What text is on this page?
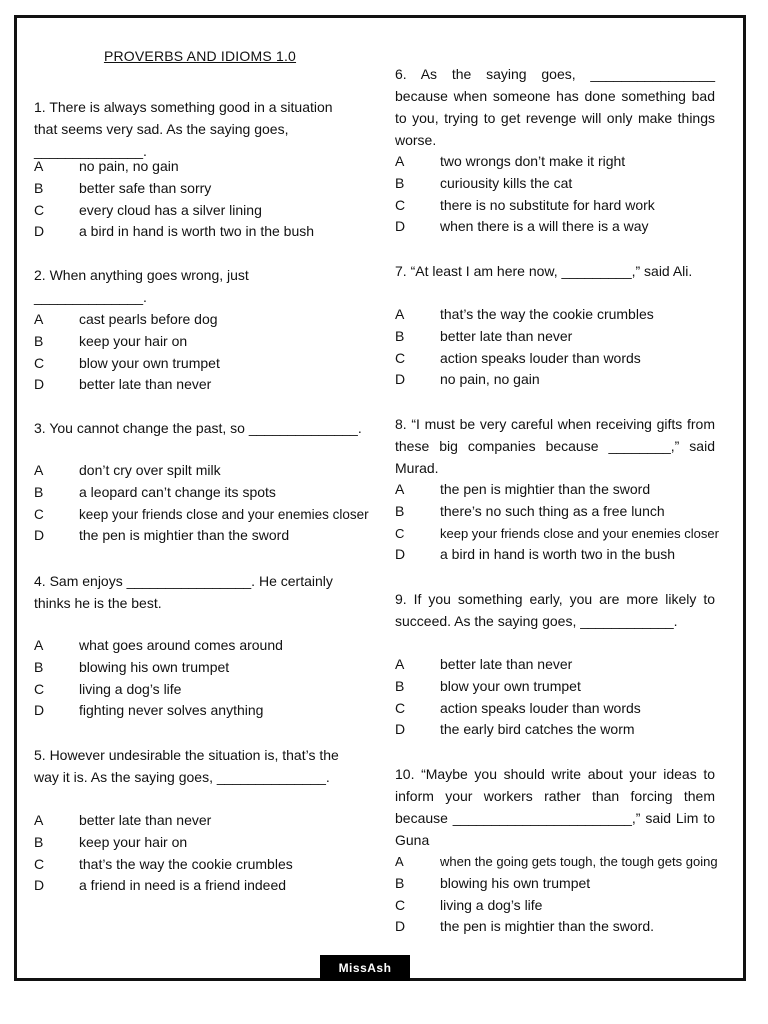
PROVERBS AND IDIOMS 1.0
1. There is always something good in a situation that seems very sad. As the saying goes, ______________.
A	no pain, no gain
B	better safe than sorry
C every cloud has a silver lining
D a bird in hand is worth two in the bush
2. When anything goes wrong, just ______________.
A	cast pearls before dog
B	keep your hair on
C blow your own trumpet
D better late than never
3. You cannot change the past, so ______________.
A	don’t cry over spilt milk
B	a leopard can’t change its spots
C	keep your friends close and your enemies closer
D the pen is mightier than the sword
4. Sam enjoys ________________. He certainly thinks he is the best.
A	what goes around comes around
B	blowing his own trumpet
C living a dog’s life
D fighting never solves anything
5. However undesirable the situation is, that’s the way it is. As the saying goes, ______________.
A	better late than never
B	keep your hair on
C that’s the way the cookie crumbles
D a friend in need is a friend indeed
6. As the saying goes, ________________ because when someone has done something bad to you, trying to get revenge will only make things worse.
A	two wrongs don’t make it right
B	curiousity kills the cat
C there is no substitute for hard work
D when there is a will there is a way
7. “At least I am here now, _________,” said Ali.
A	that’s the way the cookie crumbles
B	better late than never
C action speaks louder than words
D no pain, no gain
8. “I must be very careful when receiving gifts from these big companies because ________,” said Murad.
A	the pen is mightier than the sword
B	there’s no such thing as a free lunch
C	keep your friends close and your enemies closer
D a bird in hand is worth two in the bush
9. If you something early, you are more likely to succeed. As the saying goes, ____________.
A	better late than never
B	blow your own trumpet
C action speaks louder than words
D the early bird catches the worm
10. “Maybe you should write about your ideas to inform your workers rather than forcing them because _______________________,” said Lim to Guna
A	when the going gets tough, the tough gets going
B	blowing his own trumpet
C living a dog’s life
D the pen is mightier than the sword.
MissAsh
